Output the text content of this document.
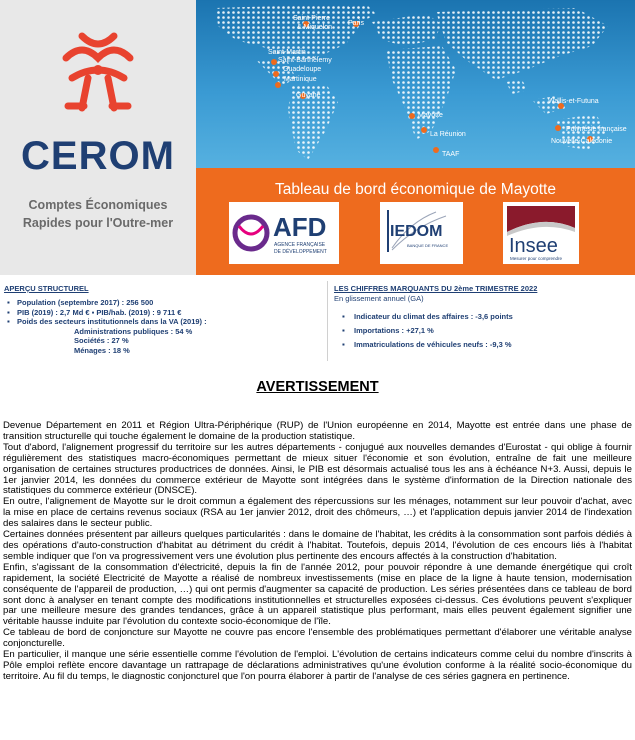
CEROM
Comptes Économiques
Rapides pour l'Outre-mer
Saint-Pierre
& Miquelon
Paris
Saint-Martin
Saint-Barthélemy
Guadeloupe
Martinique
Guyane
Mayotte
La Réunion
TAAF
Wallis-et-Futuna
Polynésie française
Nouvelle-Calédonie
Tableau de bord économique de Mayotte
AFD
AGENCE FRANÇAISE
DE DÉVELOPPEMENT
IEDOM
BANQUE DE FRANCE	Insee
Mesurer pour comprendre
APERÇU STRUCTUREL
▪ Population (septembre 2017) : 256 500
▪ PIB (2019) : 2,7 Md € ▪ PIB/hab. (2019) : 9 711 €
▪ Poids des secteurs institutionnels dans la VA (2019) :
Administrations publiques : 54 %
Sociétés : 27 %
Ménages : 18 %
LES CHIFFRES MARQUANTS DU 2ème TRIMESTRE 2022
En glissement annuel (GA)
▪ Indicateur du climat des affaires : -3,6 points
▪ Importations : +27,1 %
▪ Immatriculations de véhicules neufs : -9,3 %
AVERTISSEMENT

Devenue Département en 2011 et Région Ultra-Périphérique (RUP) de l'Union européenne en 2014, Mayotte est entrée dans une phase de transition structurelle qui touche également le domaine de la production statistique.

Tout d'abord, l'alignement progressif du territoire sur les autres départements - conjugué aux nouvelles demandes d'Eurostat - qui oblige à fournir régulièrement des statistiques macro-économiques permettant de mieux situer l'économie et son évolution, entraîne de fait une meilleure organisation de certaines structures productrices de données. Ainsi, le PIB est désormais actualisé tous les ans à échéance N+3. Aussi, depuis le 1er janvier 2014, les données du commerce extérieur de Mayotte sont intégrées dans le système d'information de la Direction nationale des statistiques du commerce extérieur (DNSCE).

En outre, l'alignement de Mayotte sur le droit commun a également des répercussions sur les ménages, notamment sur leur pouvoir d'achat, avec la mise en place de certains revenus sociaux (RSA au 1er janvier 2012, droit des chômeurs, …) et l'application depuis janvier 2014 de l'indexation des salaires dans le secteur public.

Certaines données présentent par ailleurs quelques particularités : dans le domaine de l'habitat, les crédits à la consommation sont parfois dédiés à des opérations d'auto-construction d'habitat au détriment du crédit à l'habitat. Toutefois, depuis 2014, l'évolution de ces encours liés à l'habitat semble indiquer que l'on va progressivement vers une évolution plus pertinente des encours affectés à la construction d'habitation.

Enfin, s'agissant de la consommation d'électricité, depuis la fin de l'année 2012, pour pouvoir répondre à une demande énergétique qui croît rapidement, la société Electricité de Mayotte a réalisé de nombreux investissements (mise en place de la ligne à haute tension, modernisation conséquente de l'appareil de production, …) qui ont permis d'augmenter sa capacité de production. Les séries présentées dans ce tableau de bord sont donc à analyser en tenant compte des modifications institutionnelles et structurelles exposées ci-dessus. Ces évolutions peuvent s'expliquer par une meilleure mesure des grandes tendances, grâce à un appareil statistique plus performant, mais elles peuvent également signifier une véritable hausse induite par l'évolution du contexte socio-économique de l'île.

Ce tableau de bord de conjoncture sur Mayotte ne couvre pas encore l'ensemble des problématiques permettant d'élaborer une véritable analyse conjoncturelle.

En particulier, il manque une série essentielle comme l'évolution de l'emploi. L'évolution de certains indicateurs comme celui du nombre d'inscrits à Pôle emploi reflète encore davantage un rattrapage de déclarations administratives qu'une évolution conforme à la réalité socio-économique du territoire. Au fil du temps, le diagnostic conjoncturel que l'on pourra élaborer à partir de l'analyse de ces séries gagnera en pertinence.
